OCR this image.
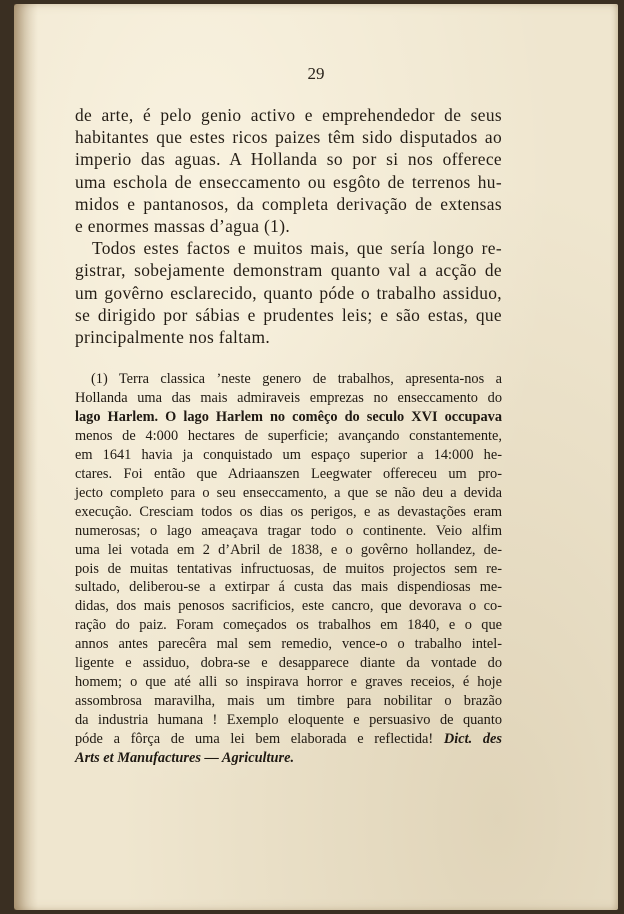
29
de arte, é pelo genio activo e emprehendedor de seus
habitantes que estes ricos paizes têm sido disputados ao
imperio das aguas. A Hollanda so por si nos offerece
uma eschola de enseccamento ou esgôto de terrenos hu-
midos e pantanosos, da completa derivação de extensas
e enormes massas d’agua (1).
Todos estes factos e muitos mais, que sería longo re-
gistrar, sobejamente demonstram quanto val a acção de
um govêrno esclarecido, quanto póde o trabalho assiduo,
se dirigido por sábias e prudentes leis; e são estas, que
principalmente nos faltam.
(1) Terra classica ’neste genero de trabalhos, apresenta-nos a
Hollanda uma das mais admiraveis emprezas no enseccamento do
lago Harlem. O lago Harlem no comêço do seculo XVI occupava
menos de 4:000 hectares de superficie; avançando constantemente,
em 1641 havia ja conquistado um espaço superior a 14:000 he-
ctares. Foi então que Adriaanszen Leegwater offereceu um pro-
jecto completo para o seu enseccamento, a que se não deu a devida
execução. Cresciam todos os dias os perigos, e as devastações eram
numerosas; o lago ameaçava tragar todo o continente. Veio alfim
uma lei votada em 2 d’Abril de 1838, e o govêrno hollandez, de-
pois de muitas tentativas infructuosas, de muitos projectos sem re-
sultado, deliberou-se a extirpar á custa das mais dispendiosas me-
didas, dos mais penosos sacrificios, este cancro, que devorava o co-
ração do paiz. Foram começados os trabalhos em 1840, e o que
annos antes parecêra mal sem remedio, vence-o o trabalho intel-
ligente e assiduo, dobra-se e desapparece diante da vontade do
homem; o que até alli so inspirava horror e graves receios, é hoje
assombrosa maravilha, mais um timbre para nobilitar o brazão
da industria humana ! Exemplo eloquente e persuasivo de quanto
póde a fôrça de uma lei bem elaborada e reflectida! Dict. des
Arts et Manufactures — Agriculture.
